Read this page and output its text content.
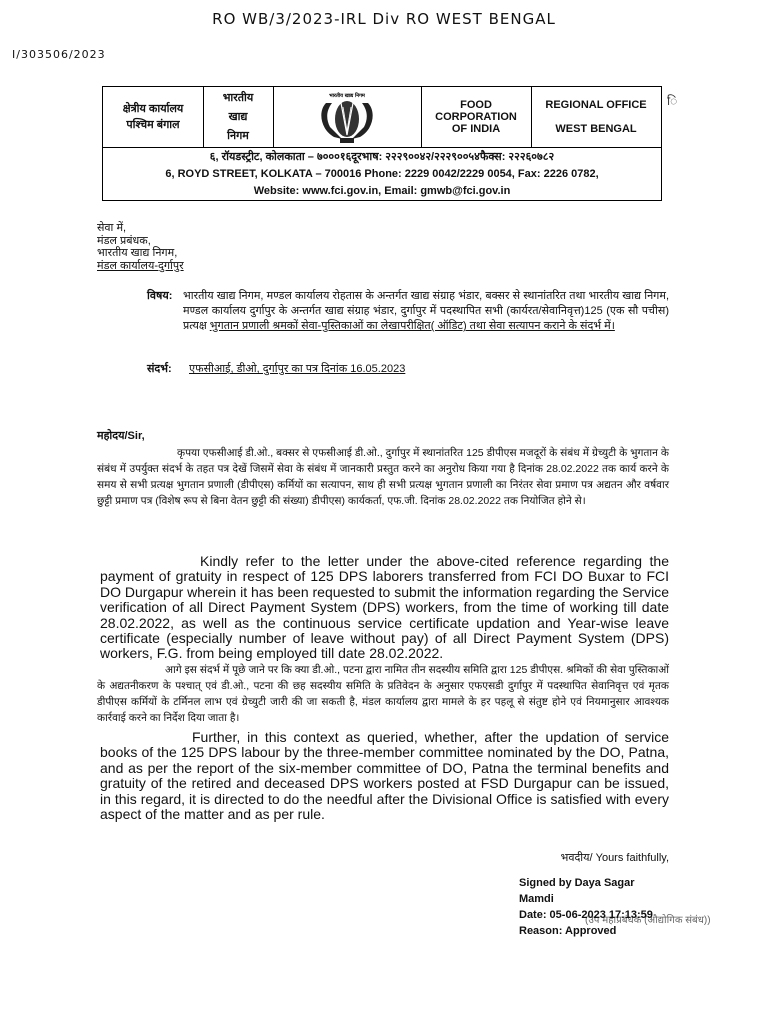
RO WB/3/2023-IRL Div RO WEST BENGAL
I/303506/2023
क्षेत्रीय कार्यालय
पश्चिम बंगाल
भारतीय
खाद्य
निगम
भारतीय खाद्य निगम
FOOD
CORPORATION
OF INDIA
REGIONAL OFFICE
WEST BENGAL
६, रॉयडस्ट्रीट, कोलकाता – ७०००१६दूरभाष: २२२९००४२/२२२९००५४फैक्स: २२२६०७८२
6, ROYD STREET, KOLKATA – 700016 Phone: 2229 0042/2229 0054, Fax: 2226 0782,
Website: www.fci.gov.in, Email: gmwb@fci.gov.in
ि
सेवा में,
मंडल प्रबंधक,
भारतीय खाद्य निगम,
मंडल कार्यालय-दुर्गापुर
विषय: भारतीय खाद्य निगम, मण्डल कार्यालय रोहतास के अन्तर्गत खाद्य संग्राह भंडार, बक्सर से स्थानांतरित तथा भारतीय खाद्य निगम, मण्डल कार्यालय दुर्गापुर के अन्तर्गत खाद्य संग्राह भंडार, दुर्गापुर में पदस्थापित सभी (कार्यरत/सेवानिवृत्त)125 (एक सौ पचीस) प्रत्यक्ष भुगतान प्रणाली श्रमकों सेवा-पुस्तिकाओं का लेखापरीक्षित( ऑडिट) तथा सेवा सत्यापन कराने के संदर्भ में।
संदर्भ: एफसीआई, डीओ, दुर्गापुर का पत्र दिनांक 16.05.2023
महोदय/Sir,
कृपया एफसीआई डी.ओ., बक्सर से एफसीआई डी.ओ., दुर्गापुर में स्थानांतरित 125 डीपीएस मजदूरों के संबंध में ग्रेच्युटी के भुगतान के संबंध में उपर्युक्त संदर्भ के तहत पत्र देखें जिसमें सेवा के संबंध में जानकारी प्रस्तुत करने का अनुरोध किया गया है दिनांक 28.02.2022 तक कार्य करने के समय से सभी प्रत्यक्ष भुगतान प्रणाली (डीपीएस) कर्मियों का सत्यापन, साथ ही सभी प्रत्यक्ष भुगतान प्रणाली का निरंतर सेवा प्रमाण पत्र अद्यतन और वर्षवार छुट्टी प्रमाण पत्र (विशेष रूप से बिना वेतन छुट्टी की संख्या) डीपीएस) कार्यकर्ता, एफ.जी. दिनांक 28.02.2022 तक नियोजित होने से।
Kindly refer to the letter under the above-cited reference regarding the payment of gratuity in respect of 125 DPS laborers transferred from FCI DO Buxar to FCI DO Durgapur wherein it has been requested to submit the information regarding the Service verification of all Direct Payment System (DPS) workers, from the time of working till date 28.02.2022, as well as the continuous service certificate updation and Year-wise leave certificate (especially number of leave without pay) of all Direct Payment System (DPS) workers, F.G. from being employed till date 28.02.2022.
आगे इस संदर्भ में पूछे जाने पर कि क्या डी.ओ., पटना द्वारा नामित तीन सदस्यीय समिति द्वारा 125 डीपीएस. श्रमिकों की सेवा पुस्तिकाओं के अद्यतनीकरण के पश्चात् एवं डी.ओ., पटना की छह सदस्यीय समिति के प्रतिवेदन के अनुसार एफएसडी दुर्गापुर में पदस्थापित सेवानिवृत्त एवं मृतक डीपीएस कर्मियों के टर्मिनल लाभ एवं ग्रेच्युटी जारी की जा सकती है, मंडल कार्यालय द्वारा मामले के हर पहलू से संतुष्ट होने एवं नियमानुसार आवश्यक कार्रवाई करने का निर्देश दिया जाता है।
Further, in this context as queried, whether, after the updation of service books of the 125 DPS labour by the three-member committee nominated by the DO, Patna, and as per the report of the six-member committee of DO, Patna the terminal benefits and gratuity of the retired and deceased DPS workers posted at FSD Durgapur can be issued, in this regard, it is directed to do the needful after the Divisional Office is satisfied with every aspect of the matter and as per rule.
भवदीय/ Yours faithfully,
(उप महाप्रबंधक (औद्योगिक संबंध))
Signed by Daya Sagar
Mamdi
Date: 05-06-2023 17:13:59
Reason: Approved
